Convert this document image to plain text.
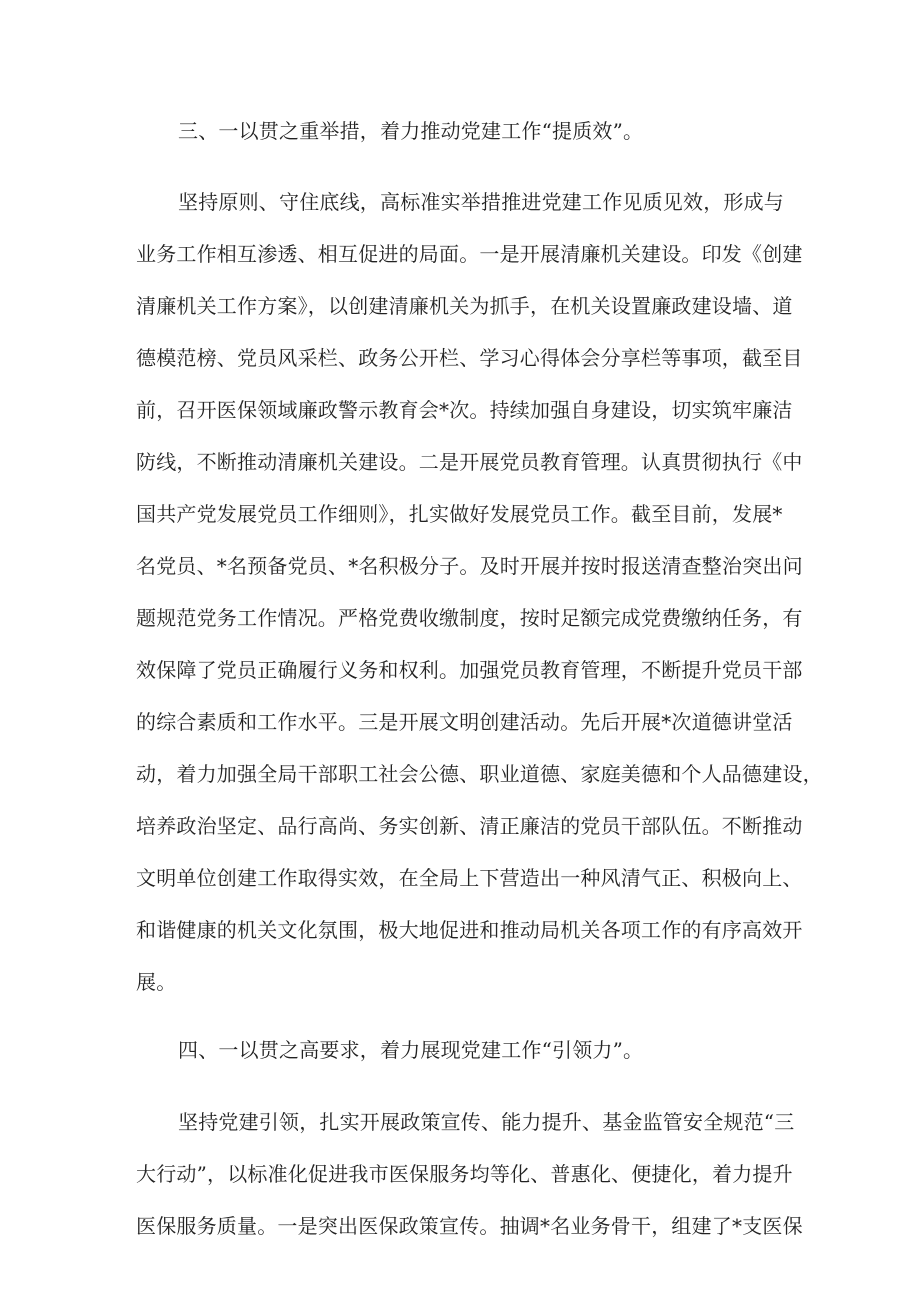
三、一以贯之重举措，着力推动党建工作“提质效”。
坚持原则、守住底线，高标准实举措推进党建工作见质见效，形成与
业务工作相互渗透、相互促进的局面。一是开展清廉机关建设。印发《创建
清廉机关工作方案》，以创建清廉机关为抓手，在机关设置廉政建设墙、道
德模范榜、党员风采栏、政务公开栏、学习心得体会分享栏等事项，截至目
前，召开医保领域廉政警示教育会*次。持续加强自身建设，切实筑牢廉洁
防线，不断推动清廉机关建设。二是开展党员教育管理。认真贯彻执行《中
国共产党发展党员工作细则》，扎实做好发展党员工作。截至目前，发展*
名党员、*名预备党员、*名积极分子。及时开展并按时报送清查整治突出问
题规范党务工作情况。严格党费收缴制度，按时足额完成党费缴纳任务，有
效保障了党员正确履行义务和权利。加强党员教育管理，不断提升党员干部
的综合素质和工作水平。三是开展文明创建活动。先后开展*次道德讲堂活
动，着力加强全局干部职工社会公德、职业道德、家庭美德和个人品德建设，
培养政治坚定、品行高尚、务实创新、清正廉洁的党员干部队伍。不断推动
文明单位创建工作取得实效，在全局上下营造出一种风清气正、积极向上、
和谐健康的机关文化氛围，极大地促进和推动局机关各项工作的有序高效开
展。
四、一以贯之高要求，着力展现党建工作“引领力”。
坚持党建引领，扎实开展政策宣传、能力提升、基金监管安全规范“三
大行动”，以标准化促进我市医保服务均等化、普惠化、便捷化，着力提升
医保服务质量。一是突出医保政策宣传。抽调*名业务骨干，组建了*支医保
